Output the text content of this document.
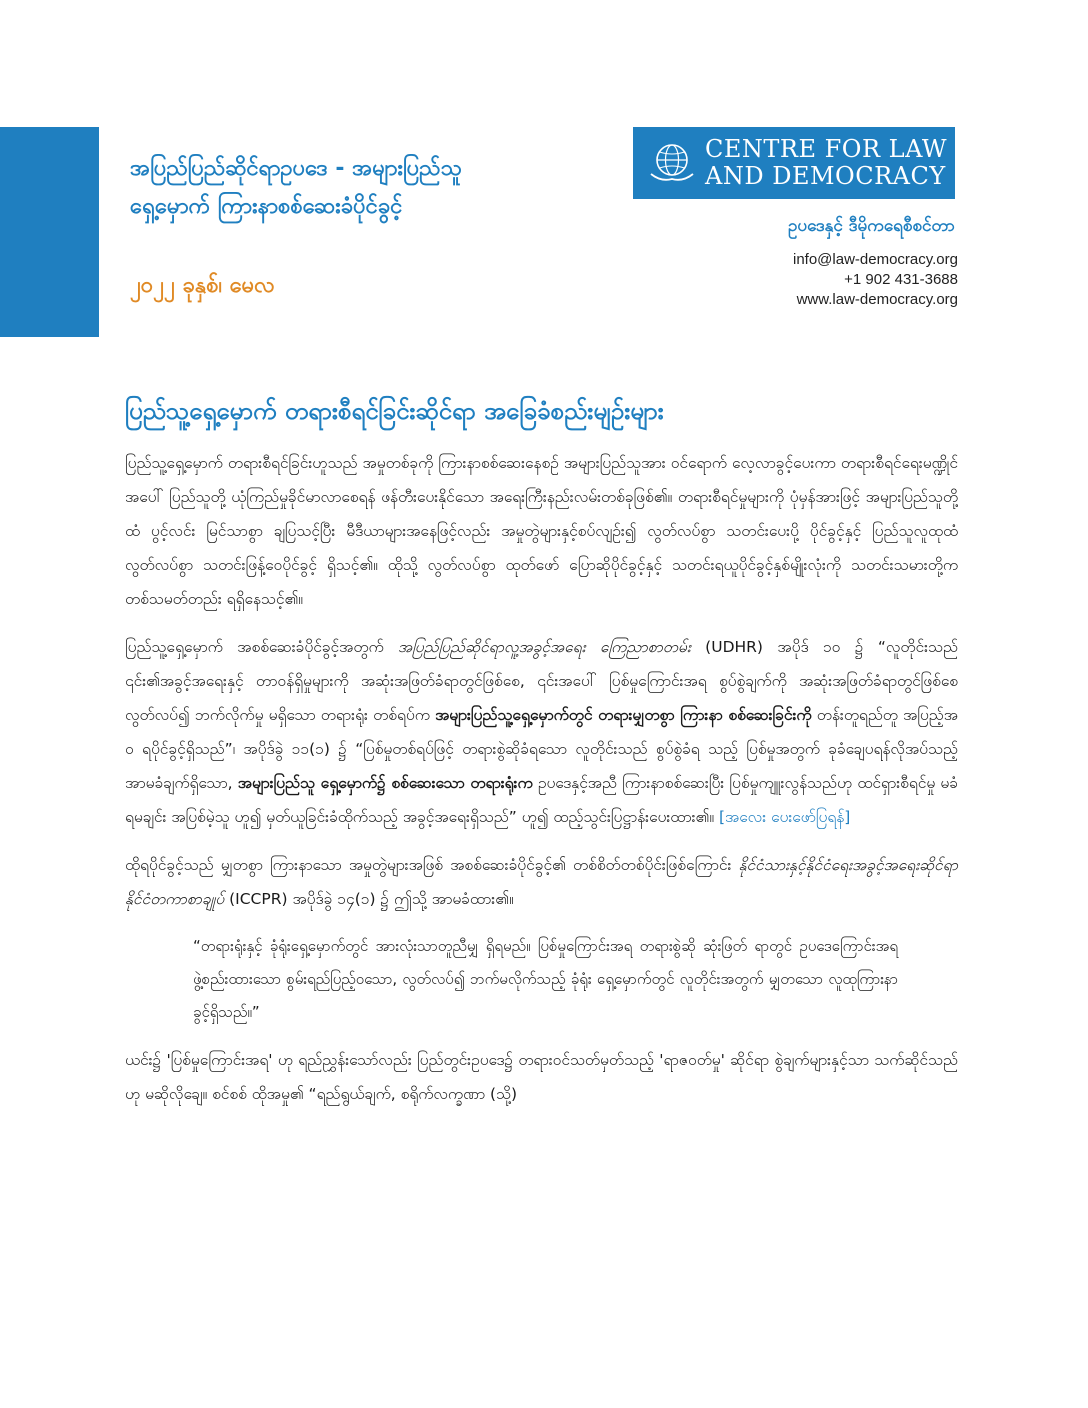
အပြည်ပြည်ဆိုင်ရာဥပဒေ - အများပြည်သူ
ရှေ့မှောက် ကြားနာစစ်ဆေးခံပိုင်ခွင့်
၂၀၂၂ ခုနှစ်၊ မေလ
CENTRE FOR LAW
AND DEMOCRACY
ဥပဒေနှင့် ဒီမိုကရေစီစင်တာ
info@law-democracy.org
+1 902 431-3688
www.law-democracy.org
ပြည်သူ့ရှေ့မှောက် တရားစီရင်ခြင်းဆိုင်ရာ အခြေခံစည်းမျဉ်းများ

ပြည်သူ့ရှေ့မှောက် တရားစီရင်ခြင်းဟူသည် အမှုတစ်ခုကို ကြားနာစစ်ဆေးနေစဉ် အများပြည်သူအား ဝင်ရောက် လေ့လာခွင့်ပေးကာ တရားစီရင်ရေးမဏ္ဍိုင်အပေါ် ပြည်သူတို့ ယုံကြည်မှုခိုင်မာလာစေရန် ဖန်တီးပေးနိုင်သော အရေးကြီးနည်းလမ်းတစ်ခုဖြစ်၏။ တရားစီရင်မှုများကို ပုံမှန်အားဖြင့် အများပြည်သူတို့ထံ ပွင့်လင်း မြင်သာစွာ ချပြသင့်ပြီး မီဒီယာများအနေဖြင့်လည်း အမှုတွဲများနှင့်စပ်လျဉ်း၍ လွတ်လပ်စွာ သတင်းပေးပို့ ပိုင်ခွင့်နှင့် ပြည်သူလူထုထံ လွတ်လပ်စွာ သတင်းဖြန့်ဝေပိုင်ခွင့် ရှိသင့်၏။ ထိုသို့ လွတ်လပ်စွာ ထုတ်ဖော် ပြောဆိုပိုင်ခွင့်နှင့် သတင်းရယူပိုင်ခွင့်နှစ်မျိုးလုံးကို သတင်းသမားတို့က တစ်သမတ်တည်း ရရှိနေသင့်၏။

ပြည်သူ့ရှေ့မှောက် အစစ်ဆေးခံပိုင်ခွင့်အတွက် အပြည်ပြည်ဆိုင်ရာလူ့အခွင့်အရေး ကြေညာစာတမ်း (UDHR) အပိုဒ် ၁၀ ၌ “လူတိုင်းသည် ၎င်း၏အခွင့်အရေးနှင့် တာဝန်ရှိမှုများကို အဆုံးအဖြတ်ခံရာတွင်ဖြစ်စေ, ၎င်းအပေါ် ပြစ်မှုကြောင်းအရ စွပ်စွဲချက်ကို အဆုံးအဖြတ်ခံရာတွင်ဖြစ်စေ လွတ်လပ်၍ ဘက်လိုက်မှု မရှိသော တရားရုံး တစ်ရပ်က အများပြည်သူ့ရှေ့မှောက်တွင် တရားမျှတစွာ ကြားနာ စစ်ဆေးခြင်းကို တန်းတူရည်တူ အပြည့်အဝ ရပိုင်ခွင့်ရှိသည်”၊ အပိုဒ်ခွဲ ၁၁(၁) ၌ “ပြစ်မှုတစ်ရပ်ဖြင့် တရားစွဲဆိုခံရသော လူတိုင်းသည် စွပ်စွဲခံရ သည့် ပြစ်မှုအတွက် ခုခံချေပရန်လိုအပ်သည့် အာမခံချက်ရှိသော, အများပြည်သူ ရှေ့မှောက်၌ စစ်ဆေးသော တရားရုံးက ဥပဒေနှင့်အညီ ကြားနာစစ်ဆေးပြီး ပြစ်မှုကျူးလွန်သည်ဟု ထင်ရှားစီရင်မှု မခံရမချင်း အပြစ်မဲ့သူ ဟူ၍ မှတ်ယူခြင်းခံထိုက်သည့် အခွင့်အရေးရှိသည်” ဟူ၍ ထည့်သွင်းပြဋ္ဌာန်းပေးထား၏။ [အလေး ပေးဖော်ပြရန်]

ထိုရပိုင်ခွင့်သည် မျှတစွာ ကြားနာသော အမှုတွဲများအဖြစ် အစစ်ဆေးခံပိုင်ခွင့်၏ တစ်စိတ်တစ်ပိုင်းဖြစ်ကြောင်း နိုင်ငံသားနှင့်နိုင်ငံရေးအခွင့်အရေးဆိုင်ရာနိုင်ငံတကာစာချုပ် (ICCPR) အပိုဒ်ခွဲ ၁၄(၁) ၌ ဤသို့ အာမခံထား၏။

“တရားရုံးနှင့် ခုံရုံးရှေ့မှောက်တွင် အားလုံးသာတူညီမျှ ရှိရမည်။ ပြစ်မှုကြောင်းအရ တရားစွဲဆို ဆုံးဖြတ် ရာတွင် ဥပဒေကြောင်းအရ ဖွဲ့စည်းထားသော စွမ်းရည်ပြည့်ဝသော, လွတ်လပ်၍ ဘက်မလိုက်သည့် ခုံရုံး ရှေ့မှောက်တွင် လူတိုင်းအတွက် မျှတသော လူထုကြားနာခွင့်ရှိသည်။”

ယင်း၌ 'ပြစ်မှုကြောင်းအရ' ဟု ရည်ညွှန်းသော်လည်း ပြည်တွင်းဥပဒေ၌ တရားဝင်သတ်မှတ်သည့် 'ရာဇဝတ်မှု' ဆိုင်ရာ စွဲချက်များနှင့်သာ သက်ဆိုင်သည်ဟု မဆိုလိုချေ။ စင်စစ် ထိုအမှု၏ “ရည်ရွယ်ချက်, စရိုက်လက္ခဏာ (သို့)
